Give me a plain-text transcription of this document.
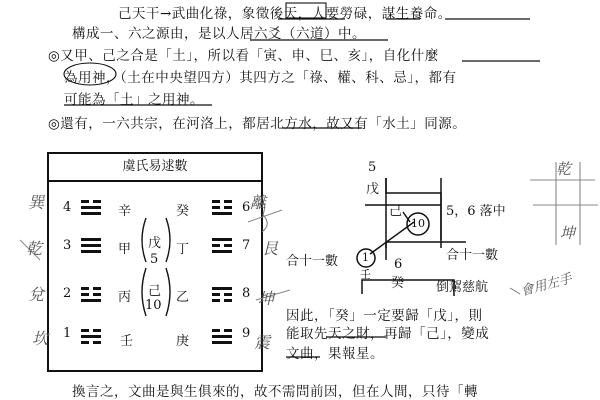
己天干→武曲化祿，象徵後天，人要勞碌，謀生養命。
構成一、六之源由，是以人居六爻（六道）中。
◎又甲、己之合是「土」，所以看「寅、申、巳、亥」，自化什麼
為用神，（土在中央望四方）其四方之「祿、權、科、忌」，都有
可能為「土」之用神。
◎還有，一六共宗，在河洛上，都居北方水，故又有「水土」同源。
虞氏易逑數
4
3
2
1
辛
甲
丙
壬
癸
丁
乙
庚
6
7
8
9
戊
5
己
10
5
戊
己
10
5，6 落中
合十一數 1
壬
6
癸
合十一數
倒駕慈航
因此，「癸」一定要歸「戊」，則
能取先天之財，再歸「己」，變成
文曲，果報星。
換言之，文曲是與生俱來的，故不需問前因，但在人間，只待「轉
巽
乾
兌
坎
離
艮
坤
震
乾
坤
會用左手
